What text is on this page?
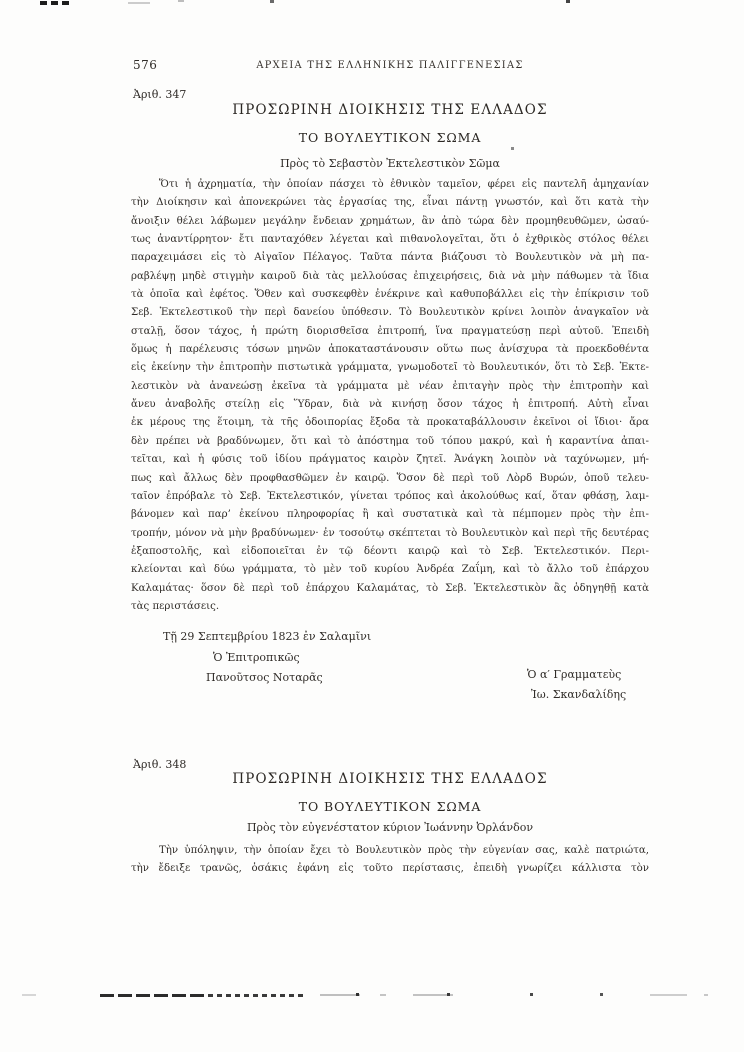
576	ΑΡΧΕΙΑ ΤΗΣ ΕΛΛΗΝΙΚΗΣ ΠΑΛΙΓΓΕΝΕΣΙΑΣ
Ἀριθ. 347
ΠΡΟΣΩΡΙΝΗ ΔΙΟΙΚΗΣΙΣ ΤΗΣ ΕΛΛΑΔΟΣ
ΤΟ ΒΟΥΛΕΥΤΙΚΟΝ ΣΩΜΑ
Πρὸς τὸ Σεβαστὸν Ἐκτελεστικὸν Σῶμα
Ὅτι ἡ ἀχρηματία, τὴν ὁποίαν πάσχει τὸ ἐθνικὸν ταμεῖον, φέρει εἰς παντελῆ ἀμηχανίαν
τὴν Διοίκησιν καὶ ἀπονεκρώνει τὰς ἐργασίας της, εἶναι πάντῃ γνωστόν, καὶ ὅτι κατὰ τὴν
ἄνοιξιν θέλει λάβωμεν μεγάλην ἔνδειαν χρημάτων, ἂν ἀπὸ τώρα δὲν προμηθευθῶμεν, ὡσαύ-
τως ἀναντίρρητον· ἔτι πανταχόθεν λέγεται καὶ πιθανολογεῖται, ὅτι ὁ ἐχθρικὸς στόλος θέλει
παραχειμάσει εἰς τὸ Αἰγαῖον Πέλαγος. Ταῦτα πάντα βιάζουσι τὸ Βουλευτικὸν νὰ μὴ πα-
ραβλέψῃ μηδὲ στιγμὴν καιροῦ διὰ τὰς μελλούσας ἐπιχειρήσεις, διὰ νὰ μὴν πάθωμεν τὰ ἴδια
τὰ ὁποῖα καὶ ἐφέτος. Ὅθεν καὶ συσκεφθὲν ἐνέκρινε καὶ καθυποβάλλει εἰς τὴν ἐπίκρισιν τοῦ
Σεβ. Ἐκτελεστικοῦ τὴν περὶ δανείου ὑπόθεσιν. Τὸ Βουλευτικὸν κρίνει λοιπὸν ἀναγκαῖον νὰ
σταλῇ, ὅσον τάχος, ἡ πρώτη διορισθεῖσα ἐπιτροπή, ἵνα πραγματεύσῃ περὶ αὐτοῦ. Ἐπειδὴ
ὅμως ἡ παρέλευσις τόσων μηνῶν ἀποκαταστάνουσιν οὕτω πως ἀνίσχυρα τὰ προεκδοθέντα
εἰς ἐκείνην τὴν ἐπιτροπὴν πιστωτικὰ γράμματα, γνωμοδοτεῖ τὸ Βουλευτικόν, ὅτι τὸ Σεβ. Ἐκτε-
λεστικὸν νὰ ἀνανεώσῃ ἐκεῖνα τὰ γράμματα μὲ νέαν ἐπιταγὴν πρὸς τὴν ἐπιτροπὴν καὶ
ἄνευ ἀναβολῆς στείλῃ εἰς Ὕδραν, διὰ νὰ κινήσῃ ὅσον τάχος ἡ ἐπιτροπή. Αὐτὴ εἶναι
ἐκ μέρους της ἕτοιμη, τὰ τῆς ὁδοιπορίας ἔξοδα τὰ προκαταβάλλουσιν ἐκεῖνοι οἱ ἴδιοι· ἄρα
δὲν πρέπει νὰ βραδύνωμεν, ὅτι καὶ τὸ ἀπόστημα τοῦ τόπου μακρύ, καὶ ἡ καραντίνα ἀπαι-
τεῖται, καὶ ἡ φύσις τοῦ ἰδίου πράγματος καιρὸν ζητεῖ. Ἀνάγκη λοιπὸν νὰ ταχύνωμεν, μή-
πως καὶ ἄλλως δὲν προφθασθῶμεν ἐν καιρῷ. Ὅσον δὲ περὶ τοῦ Λὸρδ Βυρών, ὁποῦ τελευ-
ταῖον ἐπρόβαλε τὸ Σεβ. Ἐκτελεστικόν, γίνεται τρόπος καὶ ἀκολούθως καί, ὅταν φθάσῃ, λαμ-
βάνομεν καὶ παρ’ ἐκείνου πληροφορίας ἢ καὶ συστατικὰ καὶ τὰ πέμπομεν πρὸς τὴν ἐπι-
τροπήν, μόνον νὰ μὴν βραδύνωμεν· ἐν τοσούτῳ σκέπτεται τὸ Βουλευτικὸν καὶ περὶ τῆς δευτέρας
ἐξαποστολῆς, καὶ εἰδοποιεῖται ἐν τῷ δέοντι καιρῷ καὶ τὸ Σεβ. Ἐκτελεστικόν. Περι-
κλείονται καὶ δύω γράμματα, τὸ μὲν τοῦ κυρίου Ἀνδρέα Ζαΐμη, καὶ τὸ ἄλλο τοῦ ἐπάρχου
Καλαμάτας· ὅσον δὲ περὶ τοῦ ἐπάρχου Καλαμάτας, τὸ Σεβ. Ἐκτελεστικὸν ἂς ὁδηγηθῇ κατὰ
τὰς περιστάσεις.
Τῇ 29 Σεπτεμβρίου 1823 ἐν Σαλαμῖνι
Ὁ Ἐπιτροπικῶς
Πανοῦτσος Νοταρᾶς	Ὁ α′ Γραμματεὺς
Ἰω. Σκανδαλίδης
Ἀριθ. 348
ΠΡΟΣΩΡΙΝΗ ΔΙΟΙΚΗΣΙΣ ΤΗΣ ΕΛΛΑΔΟΣ
ΤΟ ΒΟΥΛΕΥΤΙΚΟΝ ΣΩΜΑ
Πρὸς τὸν εὐγενέστατον κύριον Ἰωάννην Ὀρλάνδον
Τὴν ὑπόληψιν, τὴν ὁποίαν ἔχει τὸ Βουλευτικὸν πρὸς τὴν εὐγενίαν σας, καλὲ πατριώτα,
τὴν ἔδειξε τρανῶς, ὁσάκις ἐφάνη εἰς τοῦτο περίστασις, ἐπειδὴ γνωρίζει κάλλιστα τὸν
